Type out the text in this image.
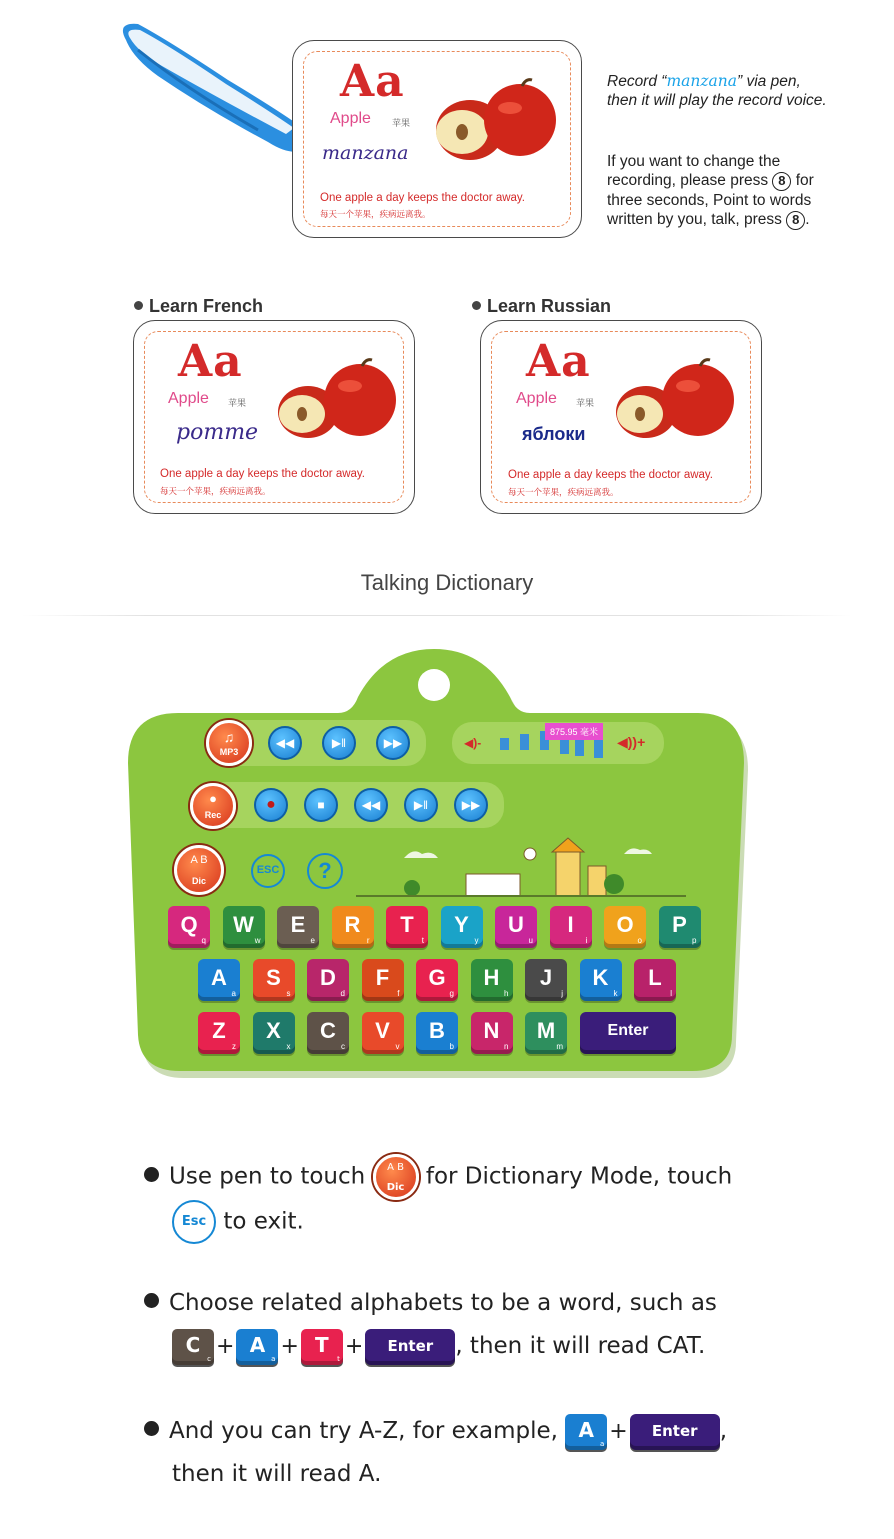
Aa
Apple 苹果
manzana
One apple a day keeps the doctor away.
每天一个苹果，疾病远离我。
Record “manzana” via pen,
then it will play the record voice.
If you want to change the
recording, please press 8 for
three seconds, Point to words
written by you, talk, press 8 .
Learn French
Aa
Apple 苹果
pomme
One apple a day keeps the doctor away.
每天一个苹果，疾病远离我。
Learn Russian
Aa
Apple 苹果
яблоки
One apple a day keeps the doctor away.
每天一个苹果，疾病远离我。
Talking Dictionary
♫
MP3
◀◀	▶‖	▶▶	◀)-
875.95 毫米
◀))+
●
Rec
●	■	◀◀	▶‖	▶▶
A B
Dic
ESC	?
Q
q
W
w
E
e
R
r
T
t
Y
y
U
u
I
i
O
o
P
p
A
a
S
s
D
d
F
f
G
g
H
h
J
j
K
k
L
l
Z
z
X
x
C
c
V
v
B
b
N
n
M
m
Enter
Use pen to touch	A B
Dic for Dictionary Mode, touch
Esc to exit.
Choose related alphabets to be a word, such as
C
c + A
a + T
t + Enter , then it will read CAT.
And you can try A-Z, for example, A
a + Enter ,
then it will read A.
